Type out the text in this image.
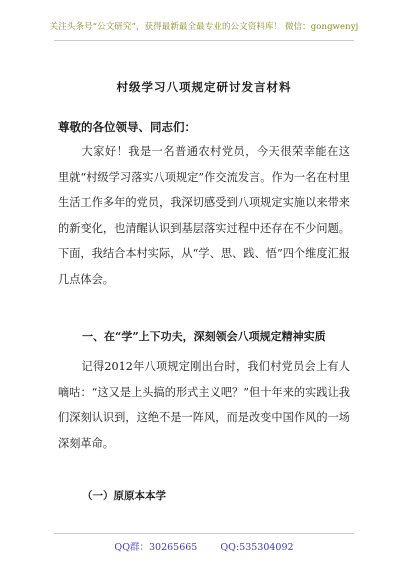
关注头条号“公文研究”，获得最新最全最专业的公文资料库！ 微信：gongwenyj
村级学习八项规定研讨发言材料
尊敬的各位领导、同志们：

大家好！我是一名普通农村党员，今天很荣幸能在这里就“村级学习落实八项规定”作交流发言。作为一名在村里生活工作多年的党员，我深切感受到八项规定实施以来带来的新变化，也清醒认识到基层落实过程中还存在不少问题。下面，我结合本村实际，从“学、思、践、悟”四个维度汇报几点体会。

一、在“学”上下功夫，深刻领会八项规定精神实质

记得2012年八项规定刚出台时，我们村党员会上有人嘀咕：“这又是上头搞的形式主义吧？”但十年来的实践让我们深刻认识到，这绝不是一阵风，而是改变中国作风的一场深刻革命。

（一）原原本本学
QQ群：30265665 QQ:535304092
